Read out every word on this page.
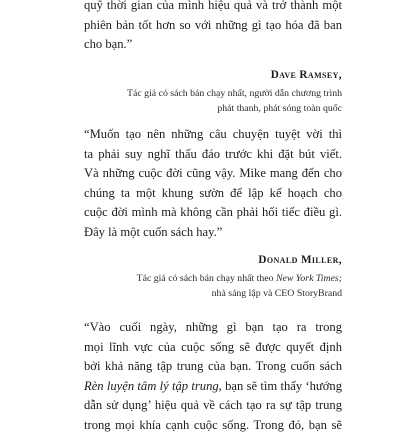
quỹ thời gian của mình hiệu quả và trở thành một
phiên bản tốt hơn so với những gì tạo hóa đã ban
cho bạn.”
Dave Ramsey,
Tác giả có sách bán chạy nhất, người dẫn chương trình
phát thanh, phát sóng toàn quốc
“Muốn tạo nên những câu chuyện tuyệt vời thì
ta phải suy nghĩ thấu đáo trước khi đặt bút viết.
Và những cuộc đời cũng vậy. Mike mang đến cho
chúng ta một khung sườn để lập kế hoạch cho
cuộc đời mình mà không cần phải hối tiếc điều gì.
Đây là một cuốn sách hay.”
Donald Miller,
Tác giả có sách bán chạy nhất theo New York Times;
nhà sáng lập và CEO StoryBrand
“Vào cuối ngày, những gì bạn tạo ra trong
mọi lĩnh vực của cuộc sống sẽ được quyết định
bởi khả năng tập trung của bạn. Trong cuốn sách
Rèn luyện tâm lý tập trung, bạn sẽ tìm thấy ‘hướng
dẫn sử dụng’ hiệu quả về cách tạo ra sự tập trung
trong mọi khía cạnh cuộc sống. Trong đó, bạn sẽ
